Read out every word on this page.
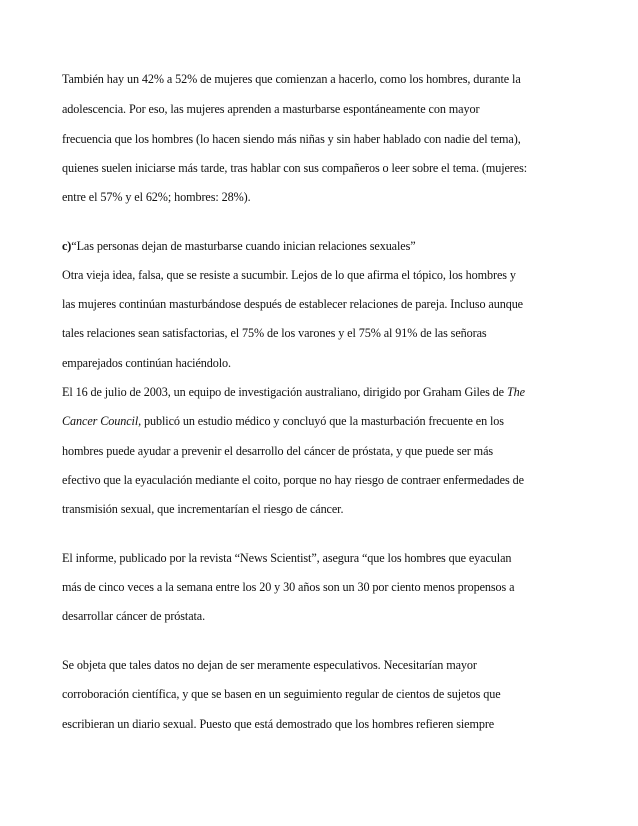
También hay un 42% a 52% de mujeres que comienzan a hacerlo, como los hombres, durante la
adolescencia. Por eso, las mujeres aprenden a masturbarse espontáneamente con mayor
frecuencia que los hombres (lo hacen siendo más niñas y sin haber hablado con nadie del tema),
quienes suelen iniciarse más tarde, tras hablar con sus compañeros o leer sobre el tema. (mujeres:
entre el 57% y el 62%; hombres: 28%).
c)“Las personas dejan de masturbarse cuando inician relaciones sexuales”
Otra vieja idea, falsa, que se resiste a sucumbir. Lejos de lo que afirma el tópico, los hombres y
las mujeres continúan masturbándose después de establecer relaciones de pareja. Incluso aunque
tales relaciones sean satisfactorias, el 75% de los varones y el 75% al 91% de las señoras
emparejados continúan haciéndolo.
El 16 de julio de 2003, un equipo de investigación australiano, dirigido por Graham Giles de The
Cancer Council, publicó un estudio médico y concluyó que la masturbación frecuente en los
hombres puede ayudar a prevenir el desarrollo del cáncer de próstata, y que puede ser más
efectivo que la eyaculación mediante el coito, porque no hay riesgo de contraer enfermedades de
transmisión sexual, que incrementarían el riesgo de cáncer.
El informe, publicado por la revista “News Scientist”, asegura “que los hombres que eyaculan
más de cinco veces a la semana entre los 20 y 30 años son un 30 por ciento menos propensos a
desarrollar cáncer de próstata.
Se objeta que tales datos no dejan de ser meramente especulativos. Necesitarían mayor
corroboración científica, y que se basen en un seguimiento regular de cientos de sujetos que
escribieran un diario sexual. Puesto que está demostrado que los hombres refieren siempre
